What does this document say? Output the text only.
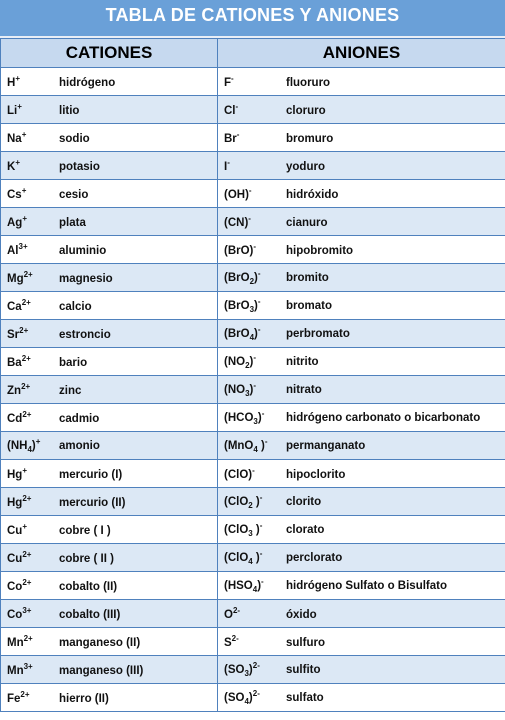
TABLA DE CATIONES Y ANIONES
CATIONES	ANIONES
H+ hidrógeno	F- fluoruro
Li+ litio	Cl- cloruro
Na+ sodio	Br- bromuro
K+ potasio	I- yoduro
Cs+ cesio	(OH)- hidróxido
Ag+ plata	(CN)- cianuro
$Al^{3+}$ aluminio	(BrO)- hipobromito
$Mg^{2+}$ magnesio	(BrO$_2$)- bromito
$Ca^{2+}$ calcio	(BrO$_3$)- bromato
$Sr^{2+}$ estroncio	(BrO$_4$)- perbromato
$Ba^{2+}$ bario	$(NO_2)^-$ nitrito
$Zn^{2+}$ zinc	$(NO_3)^-$ nitrato
$Cd^{2+}$ cadmio	$(HCO_3)^-$ hidrógeno carbonato o bicarbonato
$(NH_4)^+$ amonio	(MnO$_4$ )- permanganato
Hg+ mercurio (I)	(ClO)- hipoclorito
$Hg^{2+}$ mercurio (II)	(ClO$_2$ )- clorito
Cu+ cobre ( I )	(ClO$_3$ )- clorato
$Cu^{2+}$ cobre ( II )	(ClO$_4$ )- perclorato
$Co^{2+}$ cobalto (II)	$(HSO_4)^-$ hidrógeno Sulfato o Bisulfato
$Co^{3+}$ cobalto (III)	$O^{2-}$ óxido
$Mn^{2+}$ manganeso (II)	$S^{2-}$ sulfuro
$Mn^{3+}$ manganeso (III)	$(SO_3)^{2-}$ sulfito
$Fe^{2+}$ hierro (II)	$(SO_4)^{2-}$ sulfato
